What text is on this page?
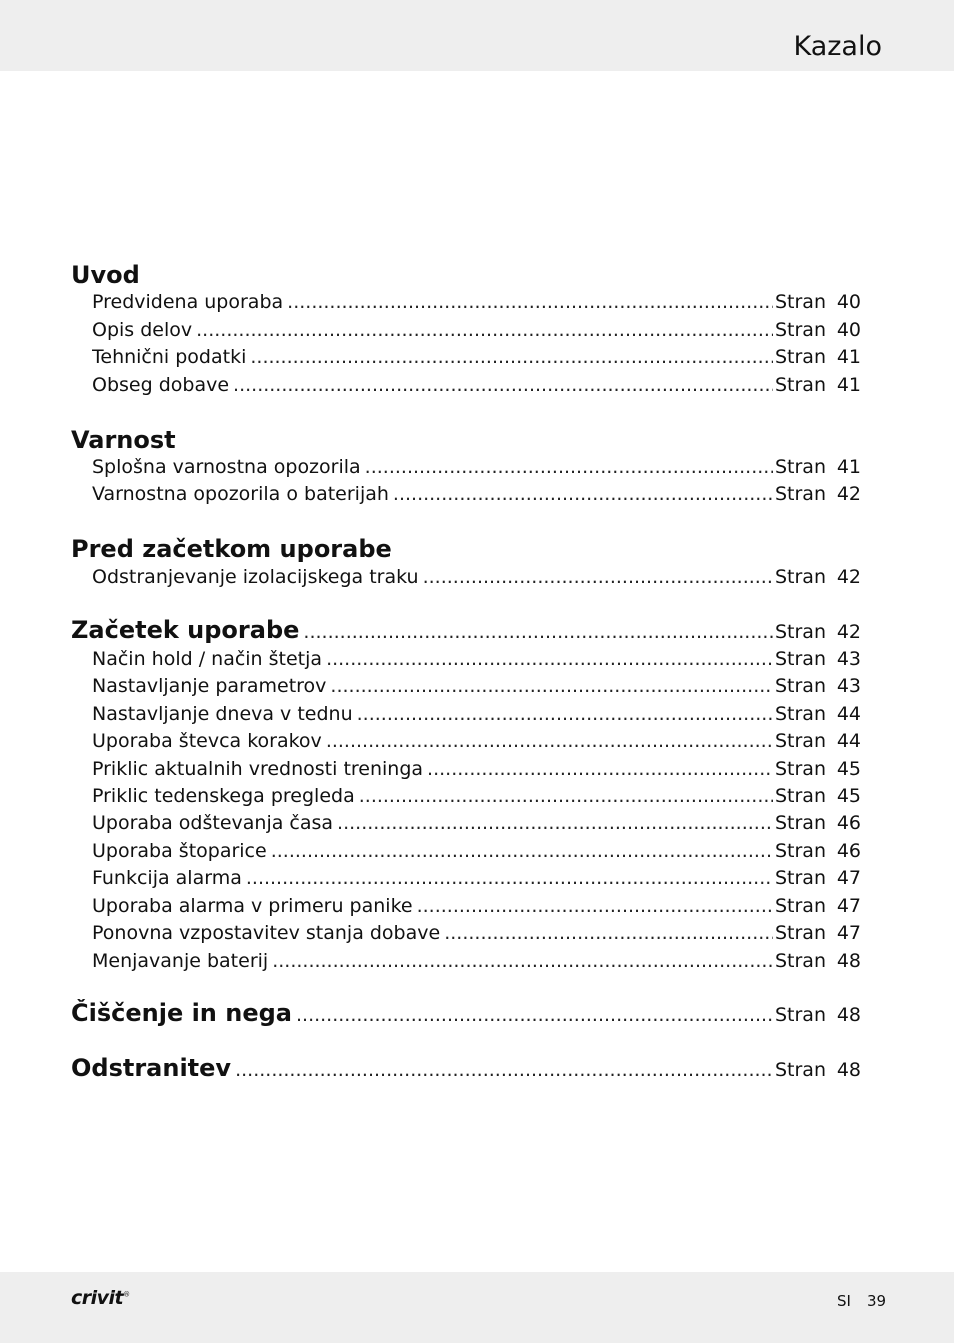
Kazalo
Uvod
Predvidena uporaba .....	Stran 40
Opis delov .....	Stran 40
Tehnični podatki .....	Stran 41
Obseg dobave .....	Stran 41
Varnost
Splošna varnostna opozorila .....	Stran 41
Varnostna opozorila o baterijah .....	Stran 42
Pred začetkom uporabe
Odstranjevanje izolacijskega traku .....	Stran 42
Začetek uporabe .....	Stran 42
Način hold / način štetja .....	Stran 43
Nastavljanje parametrov .....	Stran 43
Nastavljanje dneva v tednu .....	Stran 44
Uporaba števca korakov .....	Stran 44
Priklic aktualnih vrednosti treninga .....	Stran 45
Priklic tedenskega pregleda .....	Stran 45
Uporaba odštevanja časa .....	Stran 46
Uporaba štoparice .....	Stran 46
Funkcija alarma .....	Stran 47
Uporaba alarma v primeru panike .....	Stran 47
Ponovna vzpostavitev stanja dobave .....	Stran 47
Menjavanje baterij .....	Stran 48
Čiščenje in nega .....	Stran 48
Odstranitev .....	Stran 48
crivit®	SI 39
